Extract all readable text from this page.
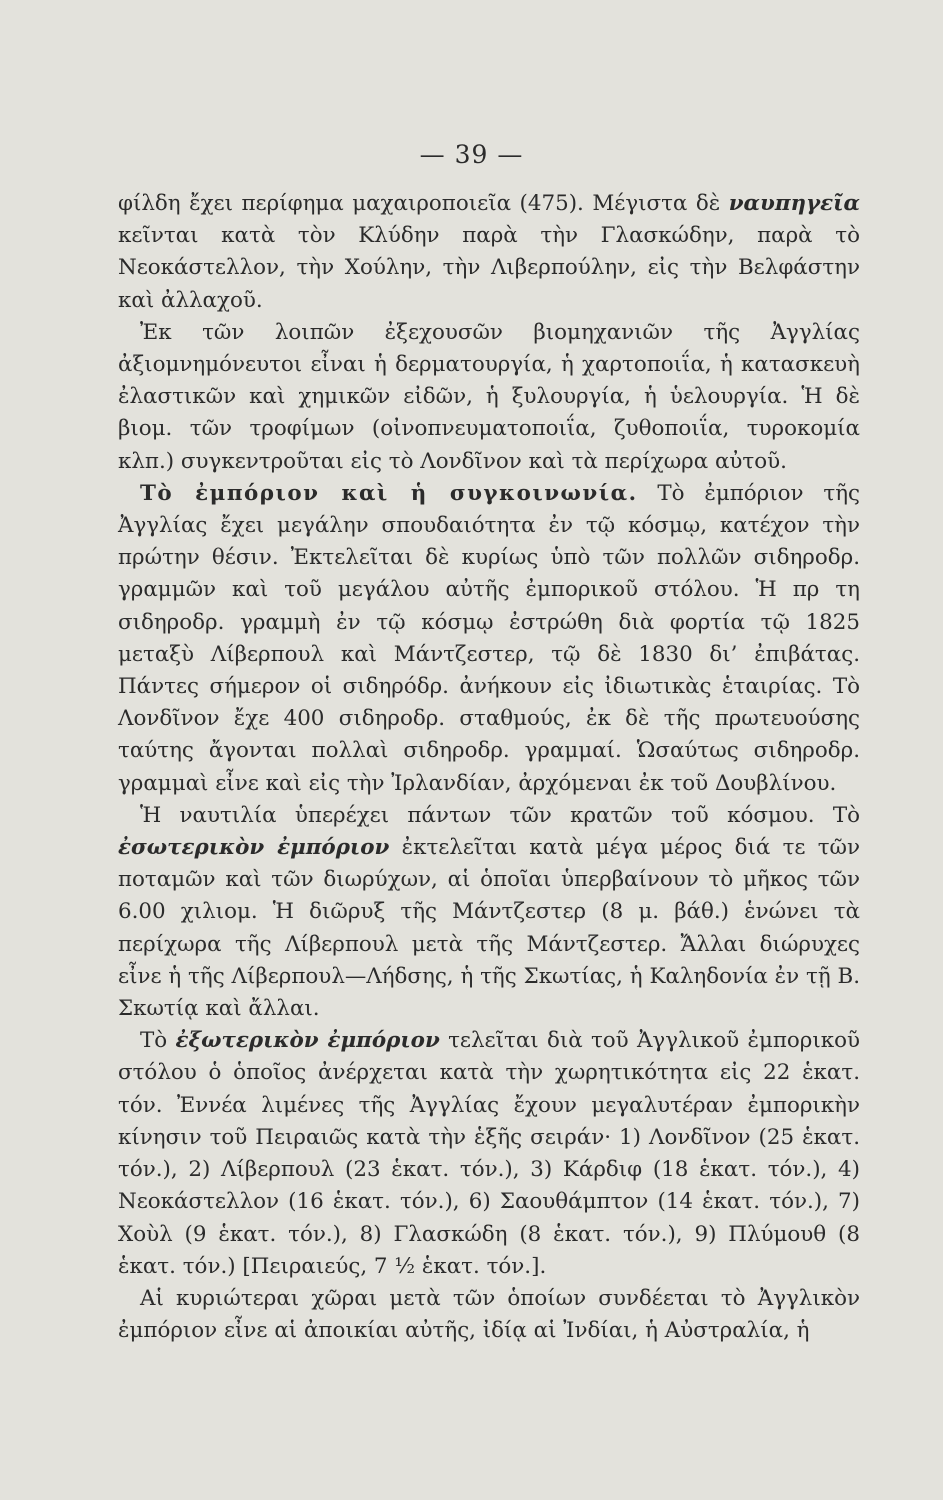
— 39 —

φίλδη ἔχει περίφημα μαχαιροποιεῖα (475). Μέγιστα δὲ ναυπηγεῖα κεῖνται κατὰ τὸν Κλύδην παρὰ τὴν Γλασκώδην, παρὰ τὸ Νεοκάστελλον, τὴν Χούλην, τὴν Λιβερπούλην, εἰς τὴν Βελφάστην καὶ ἀλλαχοῦ.

Ἐκ τῶν λοιπῶν ἐξεχουσῶν βιομηχανιῶν τῆς Ἀγγλίας ἀξιομνημόνευτοι εἶναι ἡ δερματουργία, ἡ χαρτοποιΐα, ἡ κατασκευὴ ἐλαστικῶν καὶ χημικῶν εἰδῶν, ἡ ξυλουργία, ἡ ὑελουργία. Ἡ δὲ βιομ. τῶν τροφίμων (οἰνοπνευματοποιΐα, ζυθοποιΐα, τυροκομία κλπ.) συγκεντροῦται εἰς τὸ Λονδῖνον καὶ τὰ περίχωρα αὐτοῦ.

Τὸ ἐμπόριον καὶ ἡ συγκοινωνία. Τὸ ἐμπόριον τῆς Ἀγγλίας ἔχει μεγάλην σπουδαιότητα ἐν τῷ κόσμῳ, κατέχον τὴν πρώτην θέσιν. Ἐκτελεῖται δὲ κυρίως ὑπὸ τῶν πολλῶν σιδηροδρ. γραμμῶν καὶ τοῦ μεγάλου αὐτῆς ἐμπορικοῦ στόλου. Ἡ πρ τη σιδηροδρ. γραμμὴ ἐν τῷ κόσμῳ ἐστρώθη διὰ φορτία τῷ 1825 μεταξὺ Λίβερπουλ καὶ Μάντζεστερ, τῷ δὲ 1830 δι’ ἐπιβάτας. Πάντες σήμερον οἱ σιδηρόδρ. ἀνήκουν εἰς ἰδιωτικὰς ἑταιρίας. Τὸ Λονδῖνον ἔχε 400 σιδηροδρ. σταθμούς, ἐκ δὲ τῆς πρωτευούσης ταύτης ἄγονται πολλαὶ σιδηροδρ. γραμμαί. Ὡσαύτως σιδηροδρ. γραμμαὶ εἶνε καὶ εἰς τὴν Ἰρλανδίαν, ἀρχόμεναι ἐκ τοῦ Δουβλίνου.

Ἡ ναυτιλία ὑπερέχει πάντων τῶν κρατῶν τοῦ κόσμου. Τὸ ἐσωτερικὸν ἐμπόριον ἐκτελεῖται κατὰ μέγα μέρος διά τε τῶν ποταμῶν καὶ τῶν διωρύχων, αἱ ὁποῖαι ὑπερβαίνουν τὸ μῆκος τῶν 6.00 χιλιομ. Ἡ διῶρυξ τῆς Μάντζεστερ (8 μ. βάθ.) ἑνώνει τὰ περίχωρα τῆς Λίβερπουλ μετὰ τῆς Μάντζεστερ. Ἄλλαι διώρυχες εἶνε ἡ τῆς Λίβερπουλ—Λήδσης, ἡ τῆς Σκωτίας, ἡ Καληδονία ἐν τῇ Β. Σκωτίᾳ καὶ ἄλλαι.

Τὸ ἐξωτερικὸν ἐμπόριον τελεῖται διὰ τοῦ Ἀγγλικοῦ ἐμπορικοῦ στόλου ὁ ὁποῖος ἀνέρχεται κατὰ τὴν χωρητικότητα εἰς 22 ἑκατ. τόν. Ἐννέα λιμένες τῆς Ἀγγλίας ἔχουν μεγαλυτέραν ἐμπορικὴν κίνησιν τοῦ Πειραιῶς κατὰ τὴν ἑξῆς σειράν· 1) Λονδῖνον (25 ἑκατ. τόν.), 2) Λίβερπουλ (23 ἑκατ. τόν.), 3) Κάρδιφ (18 ἑκατ. τόν.), 4) Νεοκάστελλον (16 ἑκατ. τόν.), 6) Σαουθάμπτον (14 ἑκατ. τόν.), 7) Χοὺλ (9 ἑκατ. τόν.), 8) Γλασκώδη (8 ἑκατ. τόν.), 9) Πλύμουθ (8 ἑκατ. τόν.) [Πειραιεύς, 7 ½ ἑκατ. τόν.].

Αἱ κυριώτεραι χῶραι μετὰ τῶν ὁποίων συνδέεται τὸ Ἀγγλικὸν ἐμπόριον εἶνε αἱ ἀποικίαι αὐτῆς, ἰδίᾳ αἱ Ἰνδίαι, ἡ Αὐστραλία, ἡ
